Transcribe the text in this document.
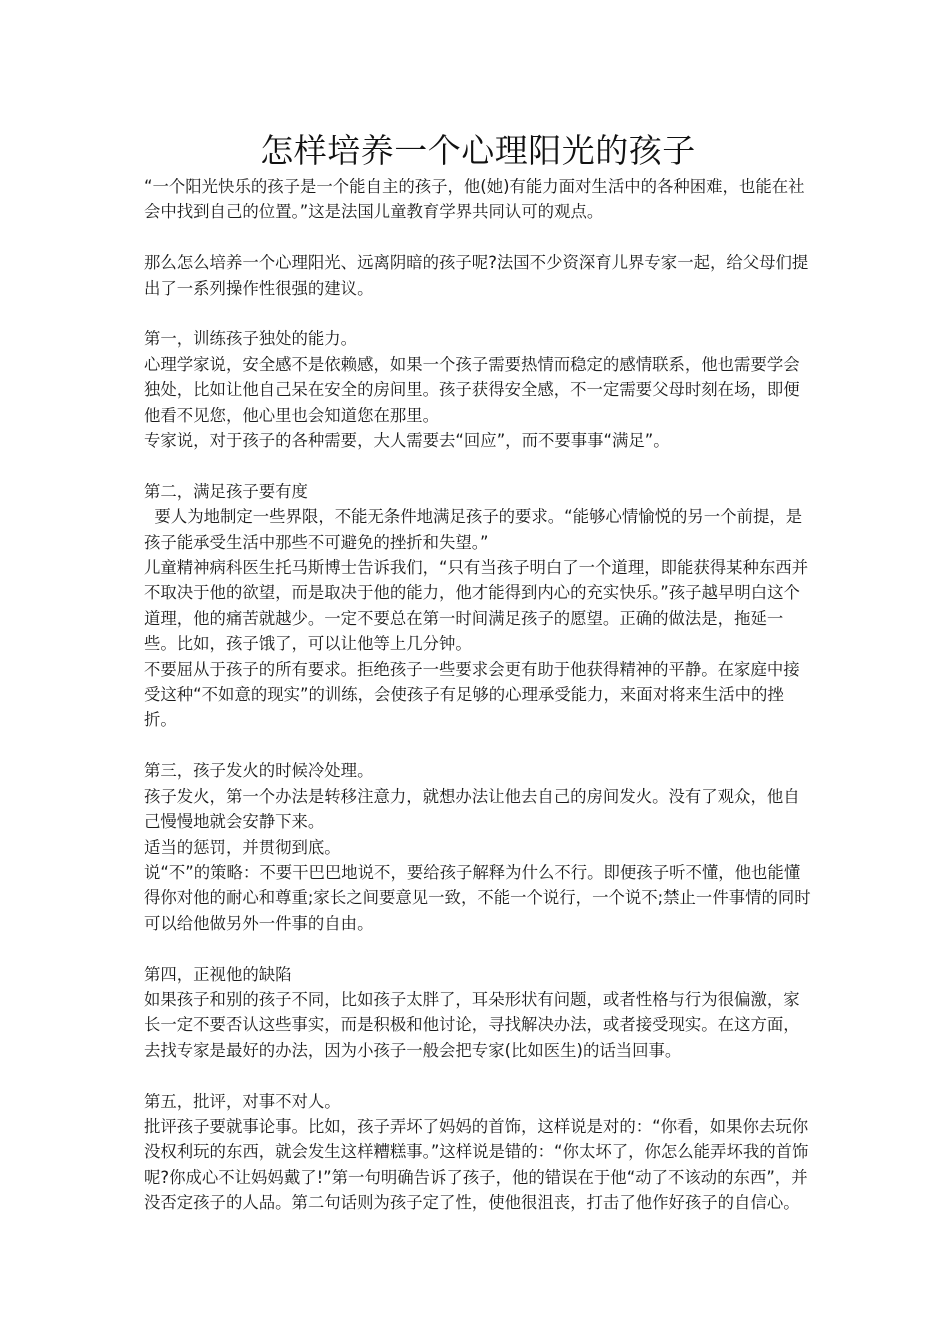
怎样培养一个心理阳光的孩子

“一个阳光快乐的孩子是一个能自主的孩子，他(她)有能力面对生活中的各种困难，也能在社会中找到自己的位置。”这是法国儿童教育学界共同认可的观点。

那么怎么培养一个心理阳光、远离阴暗的孩子呢?法国不少资深育儿界专家一起，给父母们提出了一系列操作性很强的建议。

第一，训练孩子独处的能力。

心理学家说，安全感不是依赖感，如果一个孩子需要热情而稳定的感情联系，他也需要学会独处，比如让他自己呆在安全的房间里。孩子获得安全感，不一定需要父母时刻在场，即便他看不见您，他心里也会知道您在那里。

专家说，对于孩子的各种需要，大人需要去“回应”，而不要事事“满足”。

第二，满足孩子要有度

要人为地制定一些界限，不能无条件地满足孩子的要求。“能够心情愉悦的另一个前提，是孩子能承受生活中那些不可避免的挫折和失望。”

儿童精神病科医生托马斯博士告诉我们，“只有当孩子明白了一个道理，即能获得某种东西并不取决于他的欲望，而是取决于他的能力，他才能得到内心的充实快乐。”孩子越早明白这个 道理，他的痛苦就越少。一定不要总在第一时间满足孩子的愿望。正确的做法是，拖延一些。比如，孩子饿了，可以让他等上几分钟。

不要屈从于孩子的所有要求。拒绝孩子一些要求会更有助于他获得精神的平静。在家庭中接受这种“不如意的现实”的训练，会使孩子有足够的心理承受能力，来面对将来生活中的挫折。

第三，孩子发火的时候冷处理。

孩子发火，第一个办法是转移注意力，就想办法让他去自己的房间发火。没有了观众，他自己慢慢地就会安静下来。

适当的惩罚，并贯彻到底。

说“不”的策略：不要干巴巴地说不，要给孩子解释为什么不行。即便孩子听不懂，他也能懂得你对他的耐心和尊重;家长之间要意见一致，不能一个说行，一个说不;禁止一件事情的同时可以给他做另外一件事的自由。

第四，正视他的缺陷

如果孩子和别的孩子不同，比如孩子太胖了，耳朵形状有问题，或者性格与行为很偏激，家长一定不要否认这些事实，而是积极和他讨论，寻找解决办法，或者接受现实。在这方面，去找专家是最好的办法，因为小孩子一般会把专家(比如医生)的话当回事。

第五，批评，对事不对人。

批评孩子要就事论事。比如，孩子弄坏了妈妈的首饰，这样说是对的：“你看，如果你去玩你没权利玩的东西，就会发生这样糟糕事。”这样说是错的：“你太坏了，你怎么能弄坏我的首饰呢?你成心不让妈妈戴了!”第一句明确告诉了孩子，他的错误在于他“动了不该动的东西”，并没否定孩子的人品。第二句话则为孩子定了性，使他很沮丧，打击了他作好孩子的自信心。
